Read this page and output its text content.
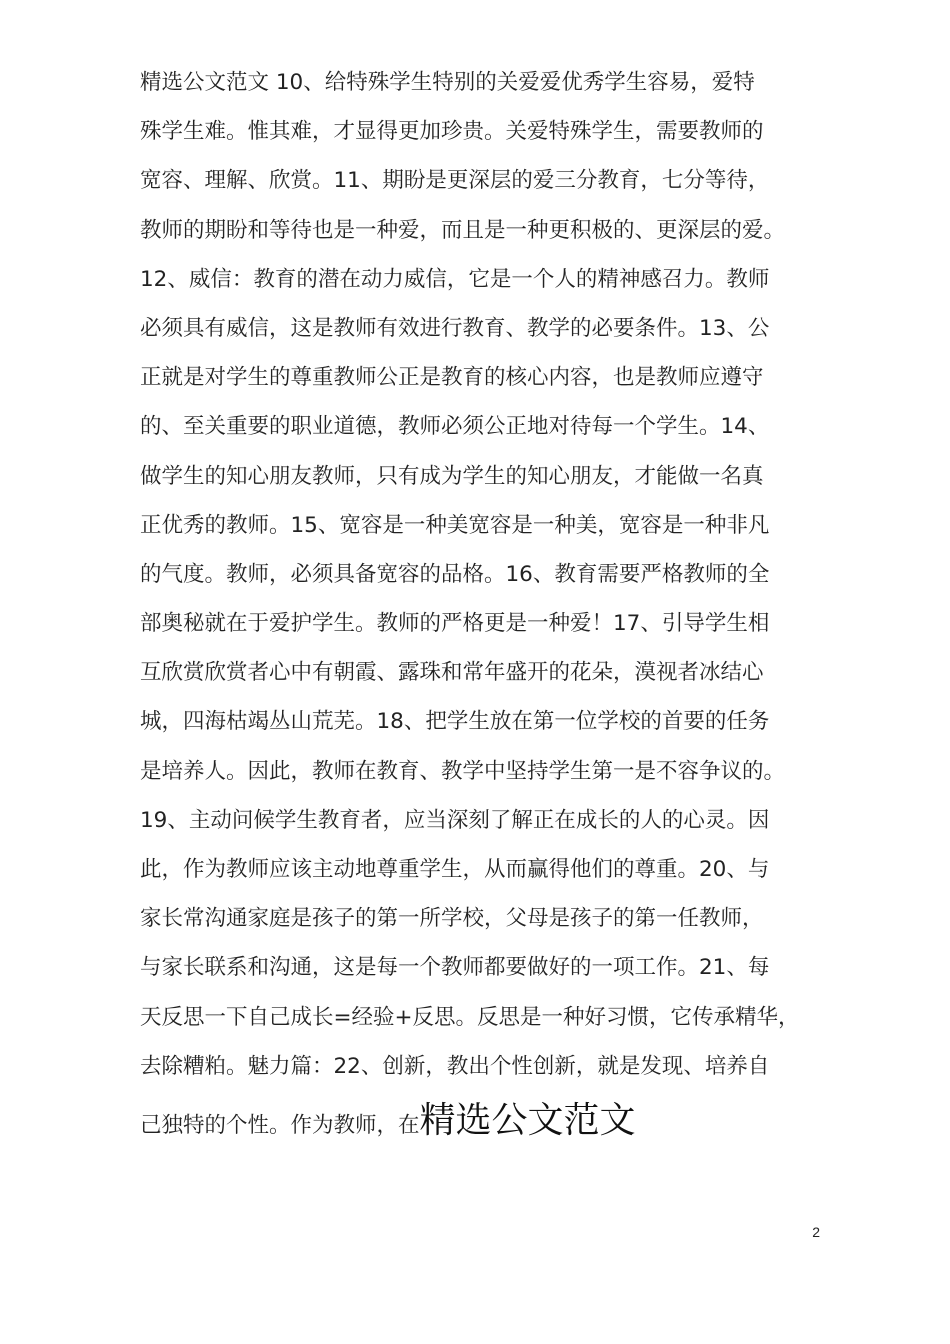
精选公文范文 10、给特殊学生特别的关爱爱优秀学生容易，爱特
殊学生难。惟其难，才显得更加珍贵。关爱特殊学生，需要教师的
宽容、理解、欣赏。11、期盼是更深层的爱三分教育，七分等待，
教师的期盼和等待也是一种爱，而且是一种更积极的、更深层的爱。
12、威信：教育的潜在动力威信，它是一个人的精神感召力。教师
必须具有威信，这是教师有效进行教育、教学的必要条件。13、公
正就是对学生的尊重教师公正是教育的核心内容，也是教师应遵守
的、至关重要的职业道德，教师必须公正地对待每一个学生。14、
做学生的知心朋友教师，只有成为学生的知心朋友，才能做一名真
正优秀的教师。15、宽容是一种美宽容是一种美，宽容是一种非凡
的气度。教师，必须具备宽容的品格。16、教育需要严格教师的全
部奥秘就在于爱护学生。教师的严格更是一种爱！17、引导学生相
互欣赏欣赏者心中有朝霞、露珠和常年盛开的花朵，漠视者冰结心
城，四海枯竭丛山荒芜。18、把学生放在第一位学校的首要的任务
是培养人。因此，教师在教育、教学中坚持学生第一是不容争议的。
19、主动问候学生教育者，应当深刻了解正在成长的人的心灵。因
此，作为教师应该主动地尊重学生，从而赢得他们的尊重。20、与
家长常沟通家庭是孩子的第一所学校，父母是孩子的第一任教师，
与家长联系和沟通，这是每一个教师都要做好的一项工作。21、每
天反思一下自己成长=经验+反思。反思是一种好习惯，它传承精华，
去除糟粕。魅力篇：22、创新，教出个性创新，就是发现、培养自
己独特的个性。作为教师，在精选公文范文
2
